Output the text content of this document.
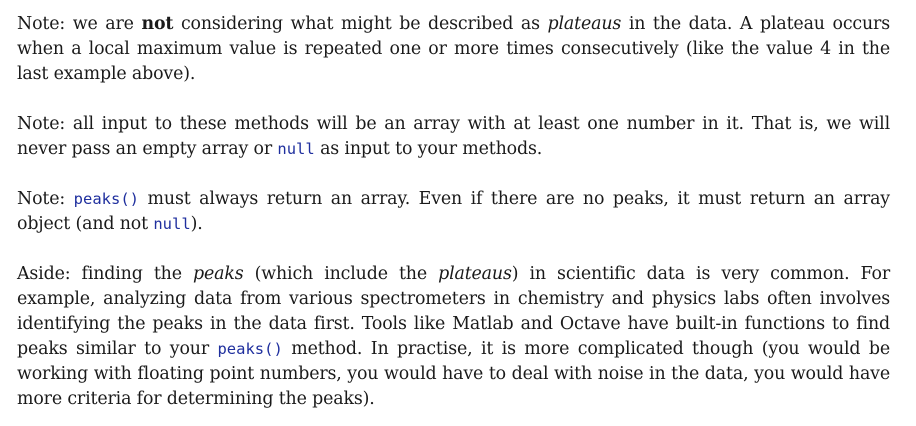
Note: we are not considering what might be described as plateaus in the data. A plateau occurs when a local maximum value is repeated one or more times consecutively (like the value 4 in the last example above).

Note: all input to these methods will be an array with at least one number in it. That is, we will never pass an empty array or null as input to your methods.

Note: peaks() must always return an array. Even if there are no peaks, it must return an array object (and not null).

Aside: finding the peaks (which include the plateaus) in scientific data is very common. For example, analyzing data from various spectrometers in chemistry and physics labs often involves identifying the peaks in the data first. Tools like Matlab and Octave have built-in functions to find peaks similar to your peaks() method. In practise, it is more complicated though (you would be working with floating point numbers, you would have to deal with noise in the data, you would have more criteria for determining the peaks).
